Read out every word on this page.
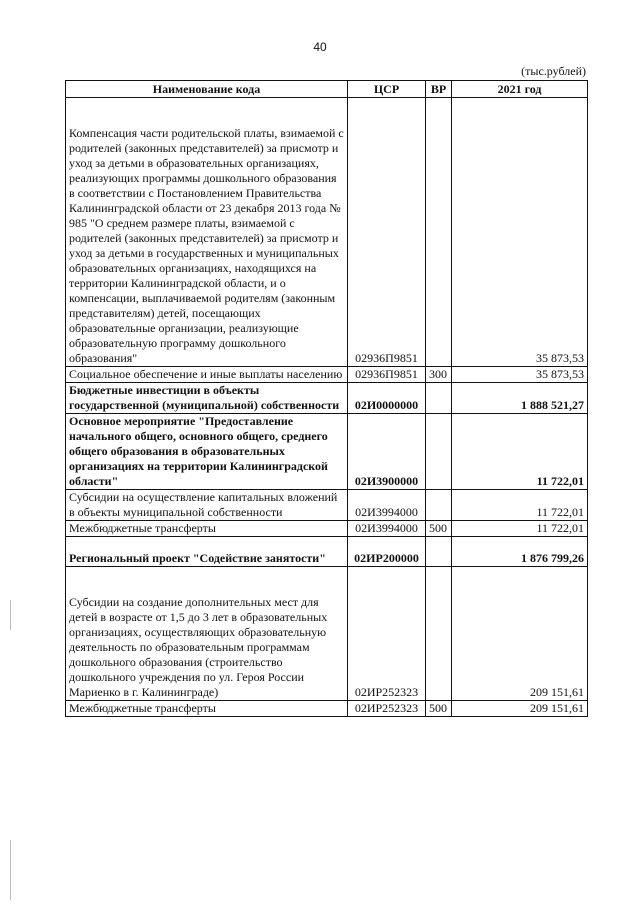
40
(тыс.рублей)
Наименование кода	ЦСР	ВР	2021 год
Компенсация части родительской платы, взимаемой с родителей (законных представителей) за присмотр и уход за детьми в образовательных организациях, реализующих программы дошкольного образования в соответствии с Постановлением Правительства Калининградской области от 23 декабря 2013 года № 985 "О среднем размере платы, взимаемой с родителей (законных представителей) за присмотр и уход за детьми в государственных и муниципальных образовательных организациях, находящихся на территории Калининградской области, и о компенсации, выплачиваемой родителям (законным представителям) детей, посещающих образовательные организации, реализующие образовательную программу дошкольного образования"	02936П9851		35 873,53
Социальное обеспечение и иные выплаты населению	02936П9851	300	35 873,53
Бюджетные инвестиции в объекты государственной (муниципальной) собственности	02И0000000		1 888 521,27
Основное мероприятие "Предоставление начального общего, основного общего, среднего общего образования в образовательных организациях на территории Калининградской области"	02И3900000		11 722,01
Субсидии на осуществление капитальных вложений в объекты муниципальной собственности	02И3994000		11 722,01
Межбюджетные трансферты	02И3994000	500	11 722,01
Региональный проект "Содействие занятости"	02ИР200000		1 876 799,26
Субсидии на создание дополнительных мест для детей в возрасте от 1,5 до 3 лет в образовательных организациях, осуществляющих образовательную деятельность по образовательным программам дошкольного образования (строительство дошкольного учреждения по ул. Героя России Мариенко в г. Калининграде)	02ИР252323		209 151,61
Межбюджетные трансферты	02ИР252323	500	209 151,61
